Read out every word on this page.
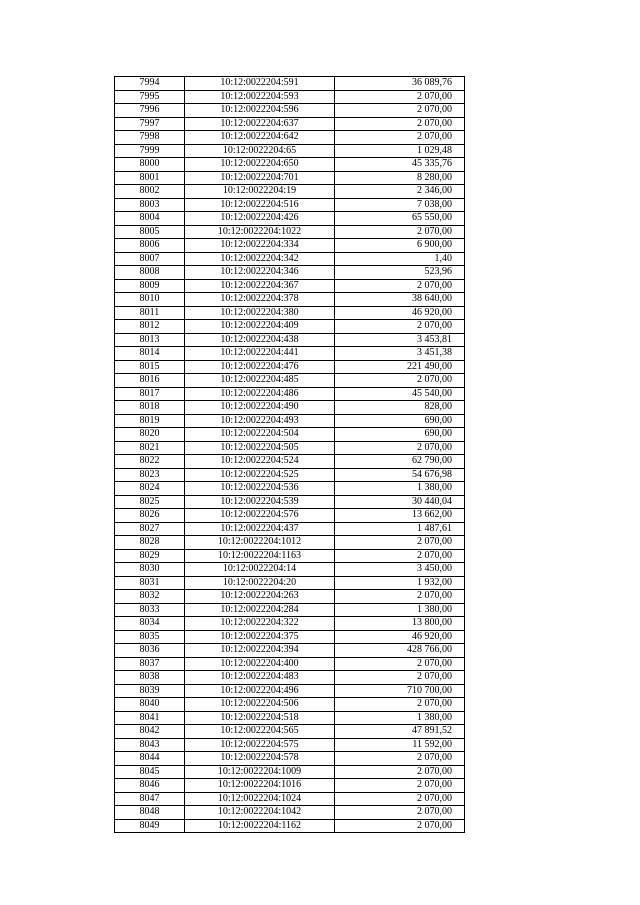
7994	10:12:0022204:591	36 089,76
7995	10:12:0022204:593	2 070,00
7996	10:12:0022204:596	2 070,00
7997	10:12:0022204:637	2 070,00
7998	10:12:0022204:642	2 070,00
7999	10:12:0022204:65	1 029,48
8000	10:12:0022204:650	45 335,76
8001	10:12:0022204:701	8 280,00
8002	10:12:0022204:19	2 346,00
8003	10:12:0022204:516	7 038,00
8004	10:12:0022204:426	65 550,00
8005	10:12:0022204:1022	2 070,00
8006	10:12:0022204:334	6 900,00
8007	10:12:0022204:342	1,40
8008	10:12:0022204:346	523,96
8009	10:12:0022204:367	2 070,00
8010	10:12:0022204:378	38 640,00
8011	10:12:0022204:380	46 920,00
8012	10:12:0022204:409	2 070,00
8013	10:12:0022204:438	3 453,81
8014	10:12:0022204:441	3 451,38
8015	10:12:0022204:476	221 490,00
8016	10:12:0022204:485	2 070,00
8017	10:12:0022204:486	45 540,00
8018	10:12:0022204:490	828,00
8019	10:12:0022204:493	690,00
8020	10:12:0022204:504	690,00
8021	10:12:0022204:505	2 070,00
8022	10:12:0022204:524	62 790,00
8023	10:12:0022204:525	54 676,98
8024	10:12:0022204:536	1 380,00
8025	10:12:0022204:539	30 440,04
8026	10:12:0022204:576	13 662,00
8027	10:12:0022204:437	1 487,61
8028	10:12:0022204:1012	2 070,00
8029	10:12:0022204:1163	2 070,00
8030	10:12:0022204:14	3 450,00
8031	10:12:0022204:20	1 932,00
8032	10:12:0022204:263	2 070,00
8033	10:12:0022204:284	1 380,00
8034	10:12:0022204:322	13 800,00
8035	10:12:0022204:375	46 920,00
8036	10:12:0022204:394	428 766,00
8037	10:12:0022204:400	2 070,00
8038	10:12:0022204:483	2 070,00
8039	10:12:0022204:496	710 700,00
8040	10:12:0022204:506	2 070,00
8041	10:12:0022204:518	1 380,00
8042	10:12:0022204:565	47 891,52
8043	10:12:0022204:575	11 592,00
8044	10:12:0022204:578	2 070,00
8045	10:12:0022204:1009	2 070,00
8046	10:12:0022204:1016	2 070,00
8047	10:12:0022204:1024	2 070,00
8048	10:12:0022204:1042	2 070,00
8049	10:12:0022204:1162	2 070,00
